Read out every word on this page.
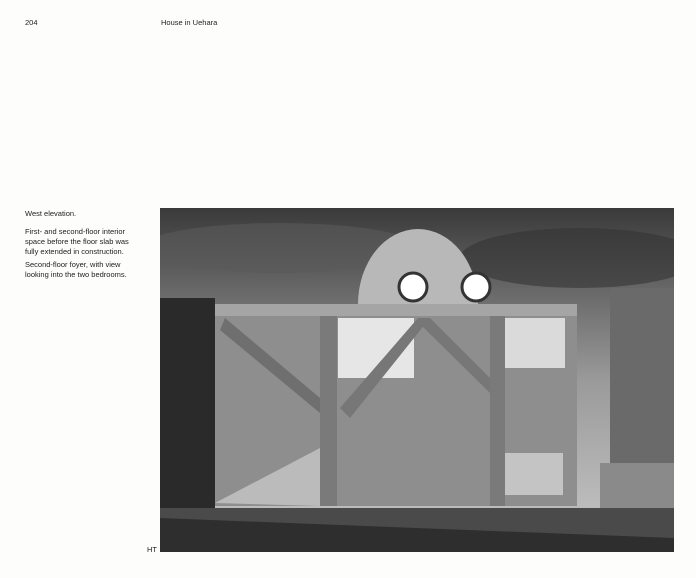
204	House in Uehara
West elevation.
First- and second-floor interior space before the floor slab was fully extended in construction.
Second-floor foyer, with view looking into the two bedrooms.
HT
